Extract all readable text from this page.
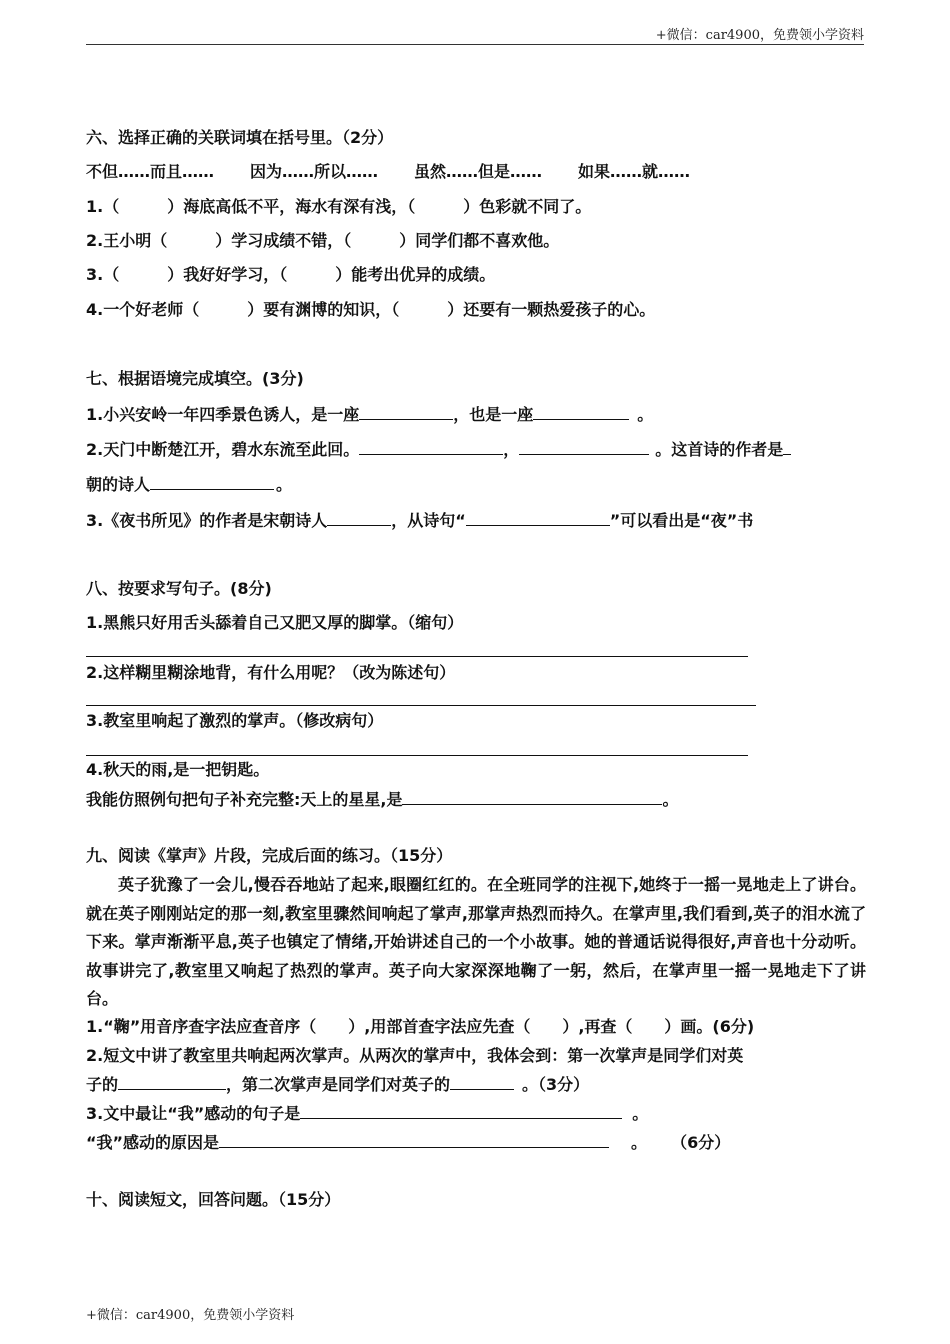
+微信：car4900，免费领小学资料
六、选择正确的关联词填在括号里。（2分）
不但……而且…… 因为……所以…… 虽然……但是…… 如果……就……
1.（　　　）海底高低不平，海水有深有浅，（　　　）色彩就不同了。
2.王小明（　　　）学习成绩不错，（　　　）同学们都不喜欢他。
3.（　　　）我好好学习，（　　　）能考出优异的成绩。
4.一个好老师（　　　）要有渊博的知识，（　　　）还要有一颗热爱孩子的心。
七、根据语境完成填空。(3分)
1.小兴安岭一年四季景色诱人，是一座	，也是一座	。
2.天门中断楚江开，碧水东流至此回。	，	。这首诗的作者是
朝的诗人	。
3.《夜书所见》的作者是宋朝诗人	，从诗句“	”可以看出是“夜”书
八、按要求写句子。(8分)
1.黑熊只好用舌头舔着自己又肥又厚的脚掌。（缩句）
2.这样糊里糊涂地背，有什么用呢？（改为陈述句）
3.教室里响起了激烈的掌声。（修改病句）
4.秋天的雨,是一把钥匙。
我能仿照例句把句子补充完整:天上的星星,是	。
九、阅读《掌声》片段，完成后面的练习。（15分）
英子犹豫了一会儿,慢吞吞地站了起来,眼圈红红的。在全班同学的注视下,她终于一摇一晃地走上了讲台。就在英子刚刚站定的那一刻,教室里骤然间响起了掌声,那掌声热烈而持久。在掌声里,我们看到,英子的泪水流了下来。掌声渐渐平息,英子也镇定了情绪,开始讲述自己的一个小故事。她的普通话说得很好,声音也十分动听。故事讲完了,教室里又响起了热烈的掌声。英子向大家深深地鞠了一躬，然后，在掌声里一摇一晃地走下了讲台。
1.“鞠”用音序查字法应查音序（　　）,用部首查字法应先查（　　）,再查（　　）画。(6分)
2.短文中讲了教室里共响起两次掌声。从两次的掌声中，我体会到：第一次掌声是同学们对英
子的	，第二次掌声是同学们对英子的	。（3分）
3.文中最让“我”感动的句子是	。
“我”感动的原因是	。 （6分）
十、阅读短文，回答问题。（15分）
+微信：car4900，免费领小学资料
